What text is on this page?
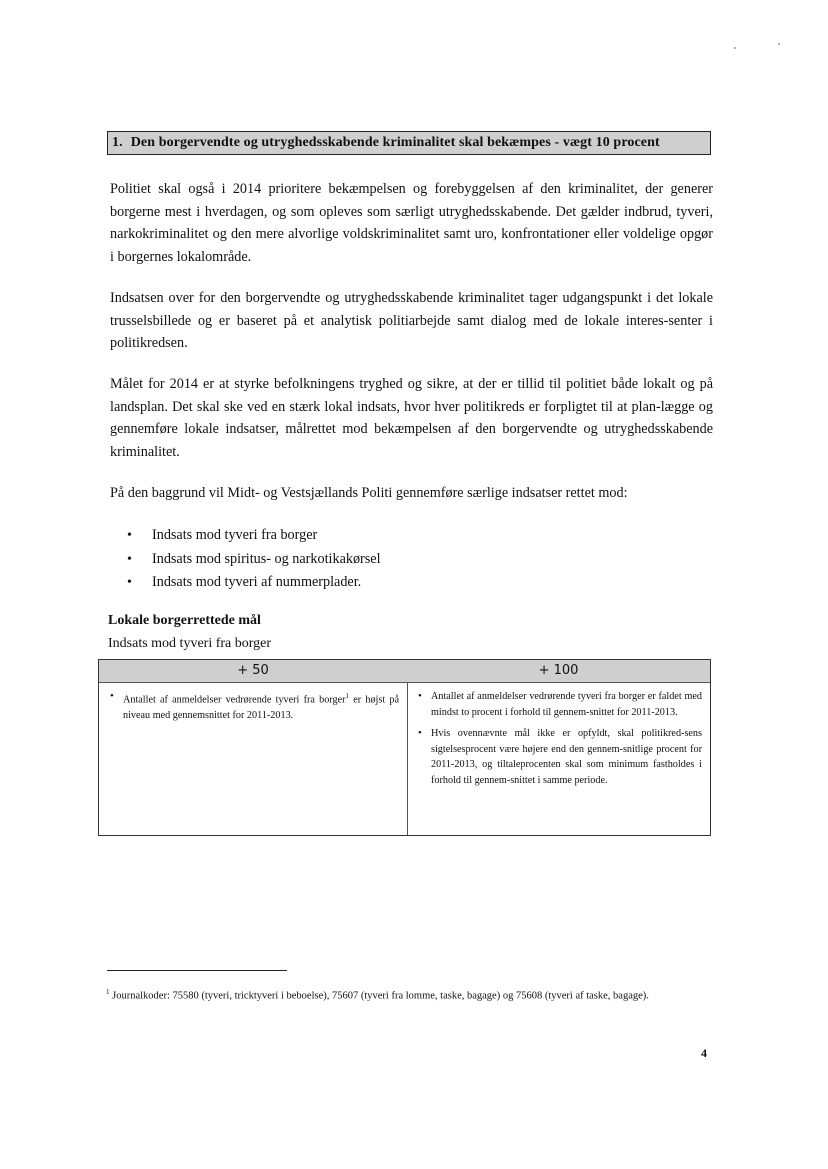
1. Den borgervendte og utryghedsskabende kriminalitet skal bekæmpes - vægt 10 procent

Politiet skal også i 2014 prioritere bekæmpelsen og forebyggelsen af den kriminalitet, der generer borgerne mest i hverdagen, og som opleves som særligt utryghedsskabende. Det gælder indbrud, tyveri, narkokriminalitet og den mere alvorlige voldskriminalitet samt uro, konfrontationer eller voldelige opgør i borgernes lokalområde.

Indsatsen over for den borgervendte og utryghedsskabende kriminalitet tager udgangspunkt i det lokale trusselsbillede og er baseret på et analytisk politiarbejde samt dialog med de lokale interes-senter i politikredsen.

Målet for 2014 er at styrke befolkningens tryghed og sikre, at der er tillid til politiet både lokalt og på landsplan. Det skal ske ved en stærk lokal indsats, hvor hver politikreds er forpligtet til at plan-lægge og gennemføre lokale indsatser, målrettet mod bekæmpelsen af den borgervendte og utryghedsskabende kriminalitet.

På den baggrund vil Midt- og Vestsjællands Politi gennemføre særlige indsatser rettet mod:

• Indsats mod tyveri fra borger
• Indsats mod spiritus- og narkotikakørsel
• Indsats mod tyveri af nummerplader.

Lokale borgerrettede mål

Indsats mod tyveri fra borger

+ 50
• Antallet af anmeldelser vedrørende tyveri fra borger$^1$ er højst på niveau med gennemsnittet for 2011-2013.
+ 100
• Antallet af anmeldelser vedrørende tyveri fra borger er faldet med mindst to procent i forhold til gennem-snittet for 2011-2013.
• Hvis ovennævnte mål ikke er opfyldt, skal politikred-sens sigtelsesprocent være højere end den gennem-snitlige procent for 2011-2013, og tiltaleprocenten skal som minimum fastholdes i forhold til gennem-snittet i samme periode.

$^1$ Journalkoder: 75580 (tyveri, tricktyveri i beboelse), 75607 (tyveri fra lomme, taske, bagage) og 75608 (tyveri af taske, bagage).

4
